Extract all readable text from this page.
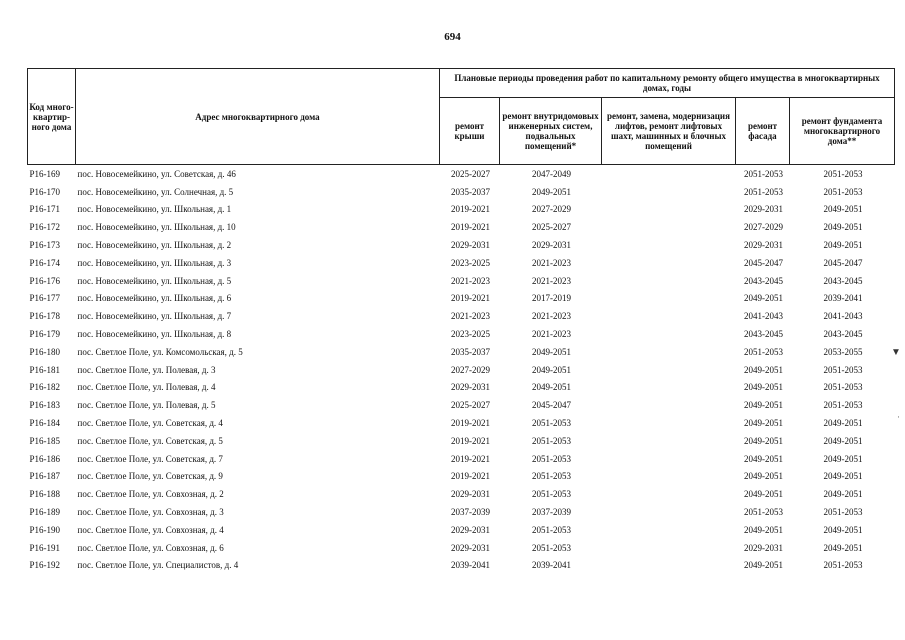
694
Код много-квартир-ного дома	Адрес многоквартирного дома	Плановые периоды проведения работ по капитальному ремонту общего имущества в многоквартирных домах, годы				
		ремонт крыши	ремонт внутридомовых инженерных систем, подвальных помещений*	ремонт, замена, модернизация лифтов, ремонт лифтовых шахт, машинных и блочных помещений	ремонт фасада	ремонт фундамента многоквартирного дома**
P16-169	пос. Новосемейкино, ул. Советская, д. 46	2025-2027	2047-2049		2051-2053	2051-2053
P16-170	пос. Новосемейкино, ул. Солнечная, д. 5	2035-2037	2049-2051		2051-2053	2051-2053
P16-171	пос. Новосемейкино, ул. Школьная, д. 1	2019-2021	2027-2029		2029-2031	2049-2051
P16-172	пос. Новосемейкино, ул. Школьная, д. 10	2019-2021	2025-2027		2027-2029	2049-2051
P16-173	пос. Новосемейкино, ул. Школьная, д. 2	2029-2031	2029-2031		2029-2031	2049-2051
P16-174	пос. Новосемейкино, ул. Школьная, д. 3	2023-2025	2021-2023		2045-2047	2045-2047
P16-176	пос. Новосемейкино, ул. Школьная, д. 5	2021-2023	2021-2023		2043-2045	2043-2045
P16-177	пос. Новосемейкино, ул. Школьная, д. 6	2019-2021	2017-2019		2049-2051	2039-2041
P16-178	пос. Новосемейкино, ул. Школьная, д. 7	2021-2023	2021-2023		2041-2043	2041-2043
P16-179	пос. Новосемейкино, ул. Школьная, д. 8	2023-2025	2021-2023		2043-2045	2043-2045
P16-180	пос. Светлое Поле, ул. Комсомольская, д. 5	2035-2037	2049-2051		2051-2053	2053-2055
P16-181	пос. Светлое Поле, ул. Полевая, д. 3	2027-2029	2049-2051		2049-2051	2051-2053
P16-182	пос. Светлое Поле, ул. Полевая, д. 4	2029-2031	2049-2051		2049-2051	2051-2053
P16-183	пос. Светлое Поле, ул. Полевая, д. 5	2025-2027	2045-2047		2049-2051	2051-2053
P16-184	пос. Светлое Поле, ул. Советская, д. 4	2019-2021	2051-2053		2049-2051	2049-2051
P16-185	пос. Светлое Поле, ул. Советская, д. 5	2019-2021	2051-2053		2049-2051	2049-2051
P16-186	пос. Светлое Поле, ул. Советская, д. 7	2019-2021	2051-2053		2049-2051	2049-2051
P16-187	пос. Светлое Поле, ул. Советская, д. 9	2019-2021	2051-2053		2049-2051	2049-2051
P16-188	пос. Светлое Поле, ул. Совхозная, д. 2	2029-2031	2051-2053		2049-2051	2049-2051
P16-189	пос. Светлое Поле, ул. Совхозная, д. 3	2037-2039	2037-2039		2051-2053	2051-2053
P16-190	пос. Светлое Поле, ул. Совхозная, д. 4	2029-2031	2051-2053		2049-2051	2049-2051
P16-191	пос. Светлое Поле, ул. Совхозная, д. 6	2029-2031	2051-2053		2029-2031	2049-2051
P16-192	пос. Светлое Поле, ул. Специалистов, д. 4	2039-2041	2039-2041		2049-2051	2051-2053
▼
·
